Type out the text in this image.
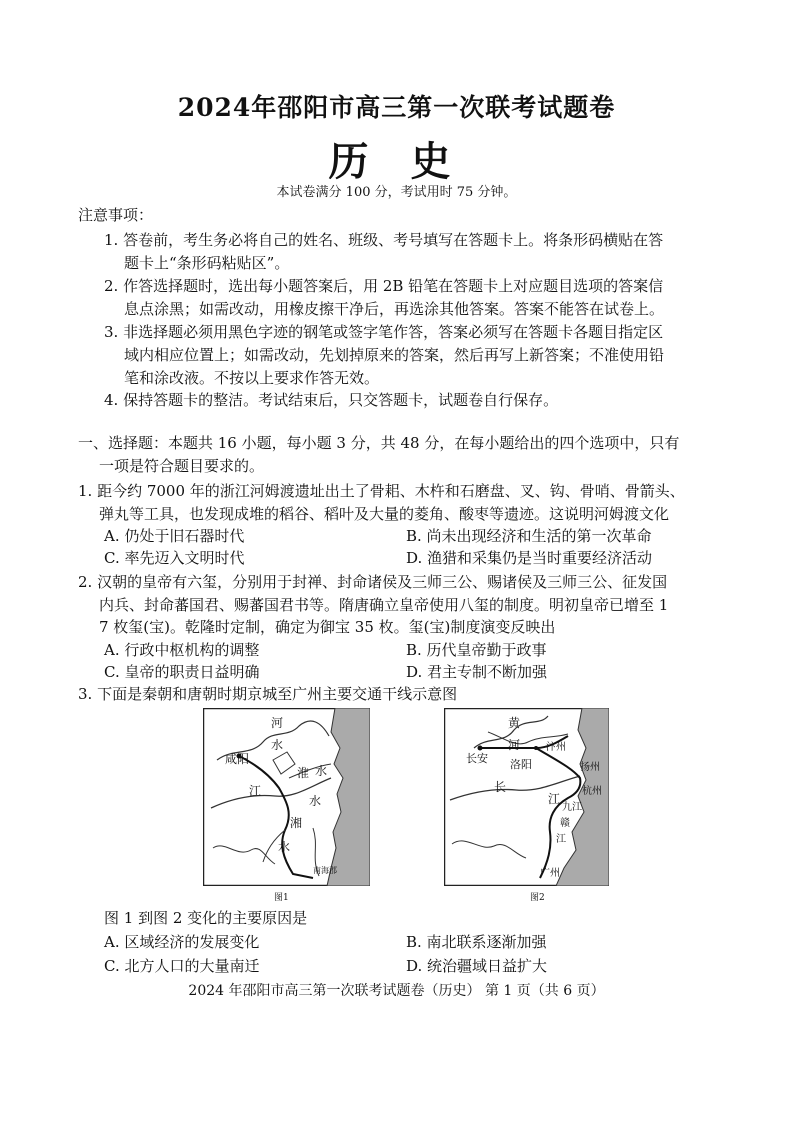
2024年邵阳市高三第一次联考试题卷
历 史
本试卷满分 100 分，考试用时 75 分钟。
注意事项：
1. 答卷前，考生务必将自己的姓名、班级、考号填写在答题卡上。将条形码横贴在答
题卡上“条形码粘贴区”。
2. 作答选择题时，选出每小题答案后，用 2B 铅笔在答题卡上对应题目选项的答案信
息点涂黑；如需改动，用橡皮擦干净后，再选涂其他答案。答案不能答在试卷上。
3. 非选择题必须用黑色字迹的钢笔或签字笔作答，答案必须写在答题卡各题目指定区
域内相应位置上；如需改动，先划掉原来的答案，然后再写上新答案；不准使用铅
笔和涂改液。不按以上要求作答无效。
4. 保持答题卡的整洁。考试结束后，只交答题卡，试题卷自行保存。
一、选择题：本题共 16 小题，每小题 3 分，共 48 分，在每小题给出的四个选项中，只有
一项是符合题目要求的。
1. 距今约 7000 年的浙江河姆渡遗址出土了骨耜、木杵和石磨盘、叉、钩、骨哨、骨箭头、
弹丸等工具，也发现成堆的稻谷、稻叶及大量的菱角、酸枣等遗迹。这说明河姆渡文化
A. 仍处于旧石器时代	B. 尚未出现经济和生活的第一次革命
C. 率先迈入文明时代	D. 渔猎和采集仍是当时重要经济活动
2. 汉朝的皇帝有六玺，分别用于封禅、封命诸侯及三师三公、赐诸侯及三师三公、征发国
内兵、封命蕃国君、赐蕃国君书等。隋唐确立皇帝使用八玺的制度。明初皇帝已增至 1
7 枚玺(宝)。乾隆时定制，确定为御宝 35 枚。玺(宝)制度演变反映出
A. 行政中枢机构的调整	B. 历代皇帝勤于政事
C. 皇帝的职责日益明确	D. 君主专制不断加强
3. 下面是秦朝和唐朝时期京城至广州主要交通干线示意图
河
水
咸阳
淮 水
江
水
湘
水
南海郡
图1
黄
河	汴州
长安 洛阳	扬州
长
江
杭州
九江
赣
江
广州
图2
图 1 到图 2 变化的主要原因是
A. 区域经济的发展变化	B. 南北联系逐渐加强
C. 北方人口的大量南迁	D. 统治疆域日益扩大
2024 年邵阳市高三第一次联考试题卷（历史） 第 1 页（共 6 页）
